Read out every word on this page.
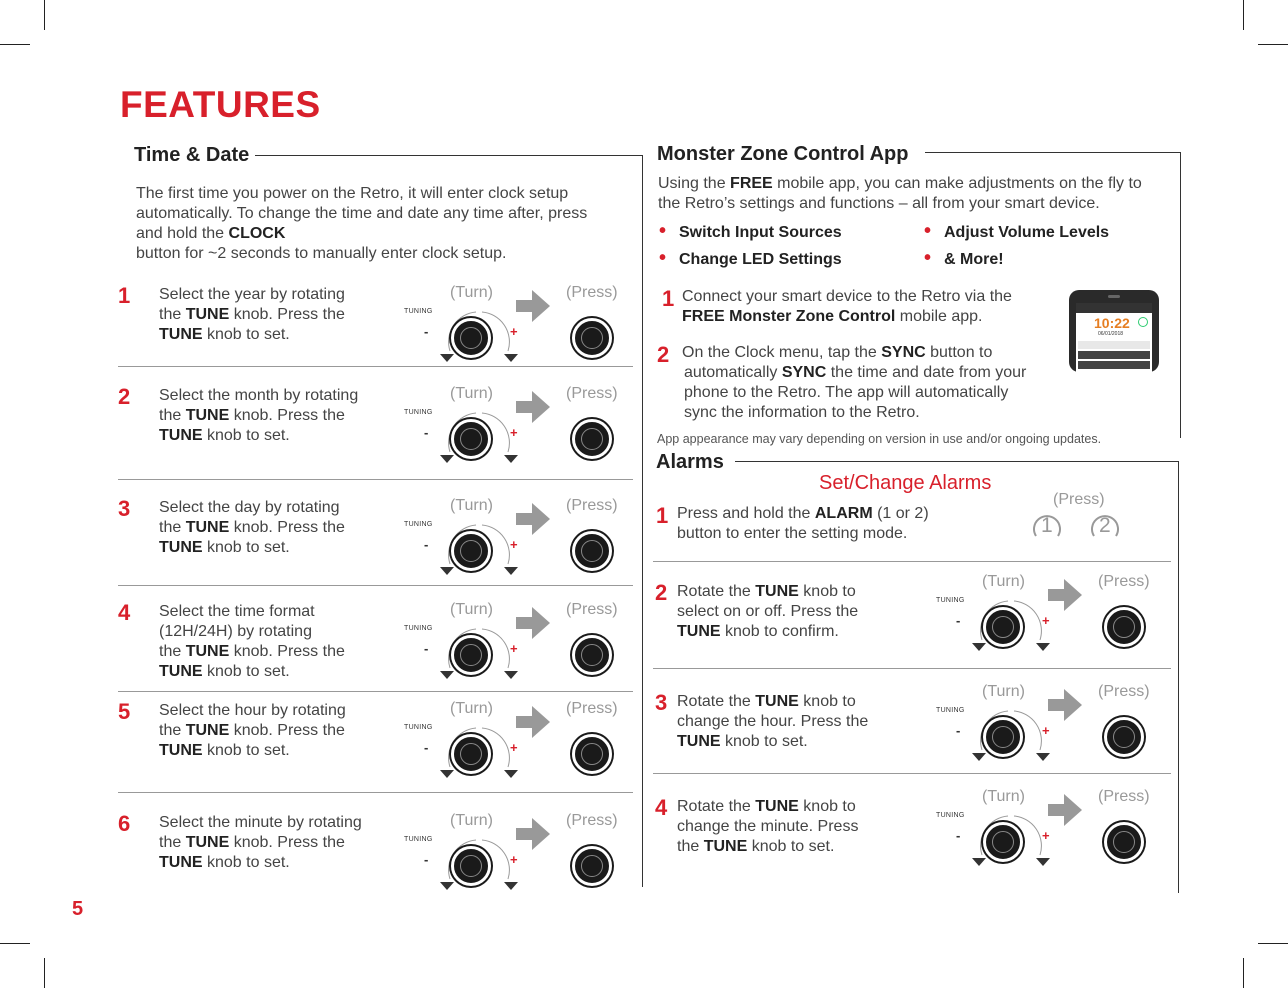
FEATURES
Time & Date
The first time you power on the Retro, it will enter clock setup
automatically. To change the time and date any time after, press
and hold the CLOCK
button for ~2 seconds to manually enter clock setup.
1 Select the year by rotating
the TUNE knob. Press the
TUNE knob to set.
(Turn)	(Press)
TUNING
-	+
2 Select the month by rotating
the TUNE knob. Press the
TUNE knob to set.
(Turn)	(Press)
TUNING
-	+
3 Select the day by rotating
the TUNE knob. Press the
TUNE knob to set.
(Turn)	(Press)
TUNING
-	+
4 Select the time format
(12H/24H) by rotating
the TUNE knob. Press the
TUNE knob to set.
(Turn)	(Press)
TUNING
-	+
5 Select the hour by rotating
the TUNE knob. Press the
TUNE knob to set.
(Turn)	(Press)
TUNING
-	+
6 Select the minute by rotating
the TUNE knob. Press the
TUNE knob to set.
(Turn)	(Press)
TUNING
-	+
Monster Zone Control App
Using the FREE mobile app, you can make adjustments on the fly to
the Retro’s settings and functions – all from your smart device.
• Switch Input Sources	• Adjust Volume Levels
• Change LED Settings	• & More!
1 Connect your smart device to the Retro via the
FREE Monster Zone Control mobile app.
2 On the Clock menu, tap the SYNC button to
automatically SYNC the time and date from your
phone to the Retro. The app will automatically
sync the information to the Retro.
10:22
06/01/2018
App appearance may vary depending on version in use and/or ongoing updates.
Alarms
Set/Change Alarms
1 Press and hold the ALARM (1 or 2)
button to enter the setting mode.
(Press)
1 2
2 Rotate the TUNE knob to
select on or off. Press the
TUNE knob to confirm.
(Turn)	(Press)
TUNING
-	+
3 Rotate the TUNE knob to
change the hour. Press the
TUNE knob to set.
(Turn)	(Press)
TUNING
-	+
4 Rotate the TUNE knob to
change the minute. Press
the TUNE knob to set.
(Turn)	(Press)
TUNING
-	+
5
